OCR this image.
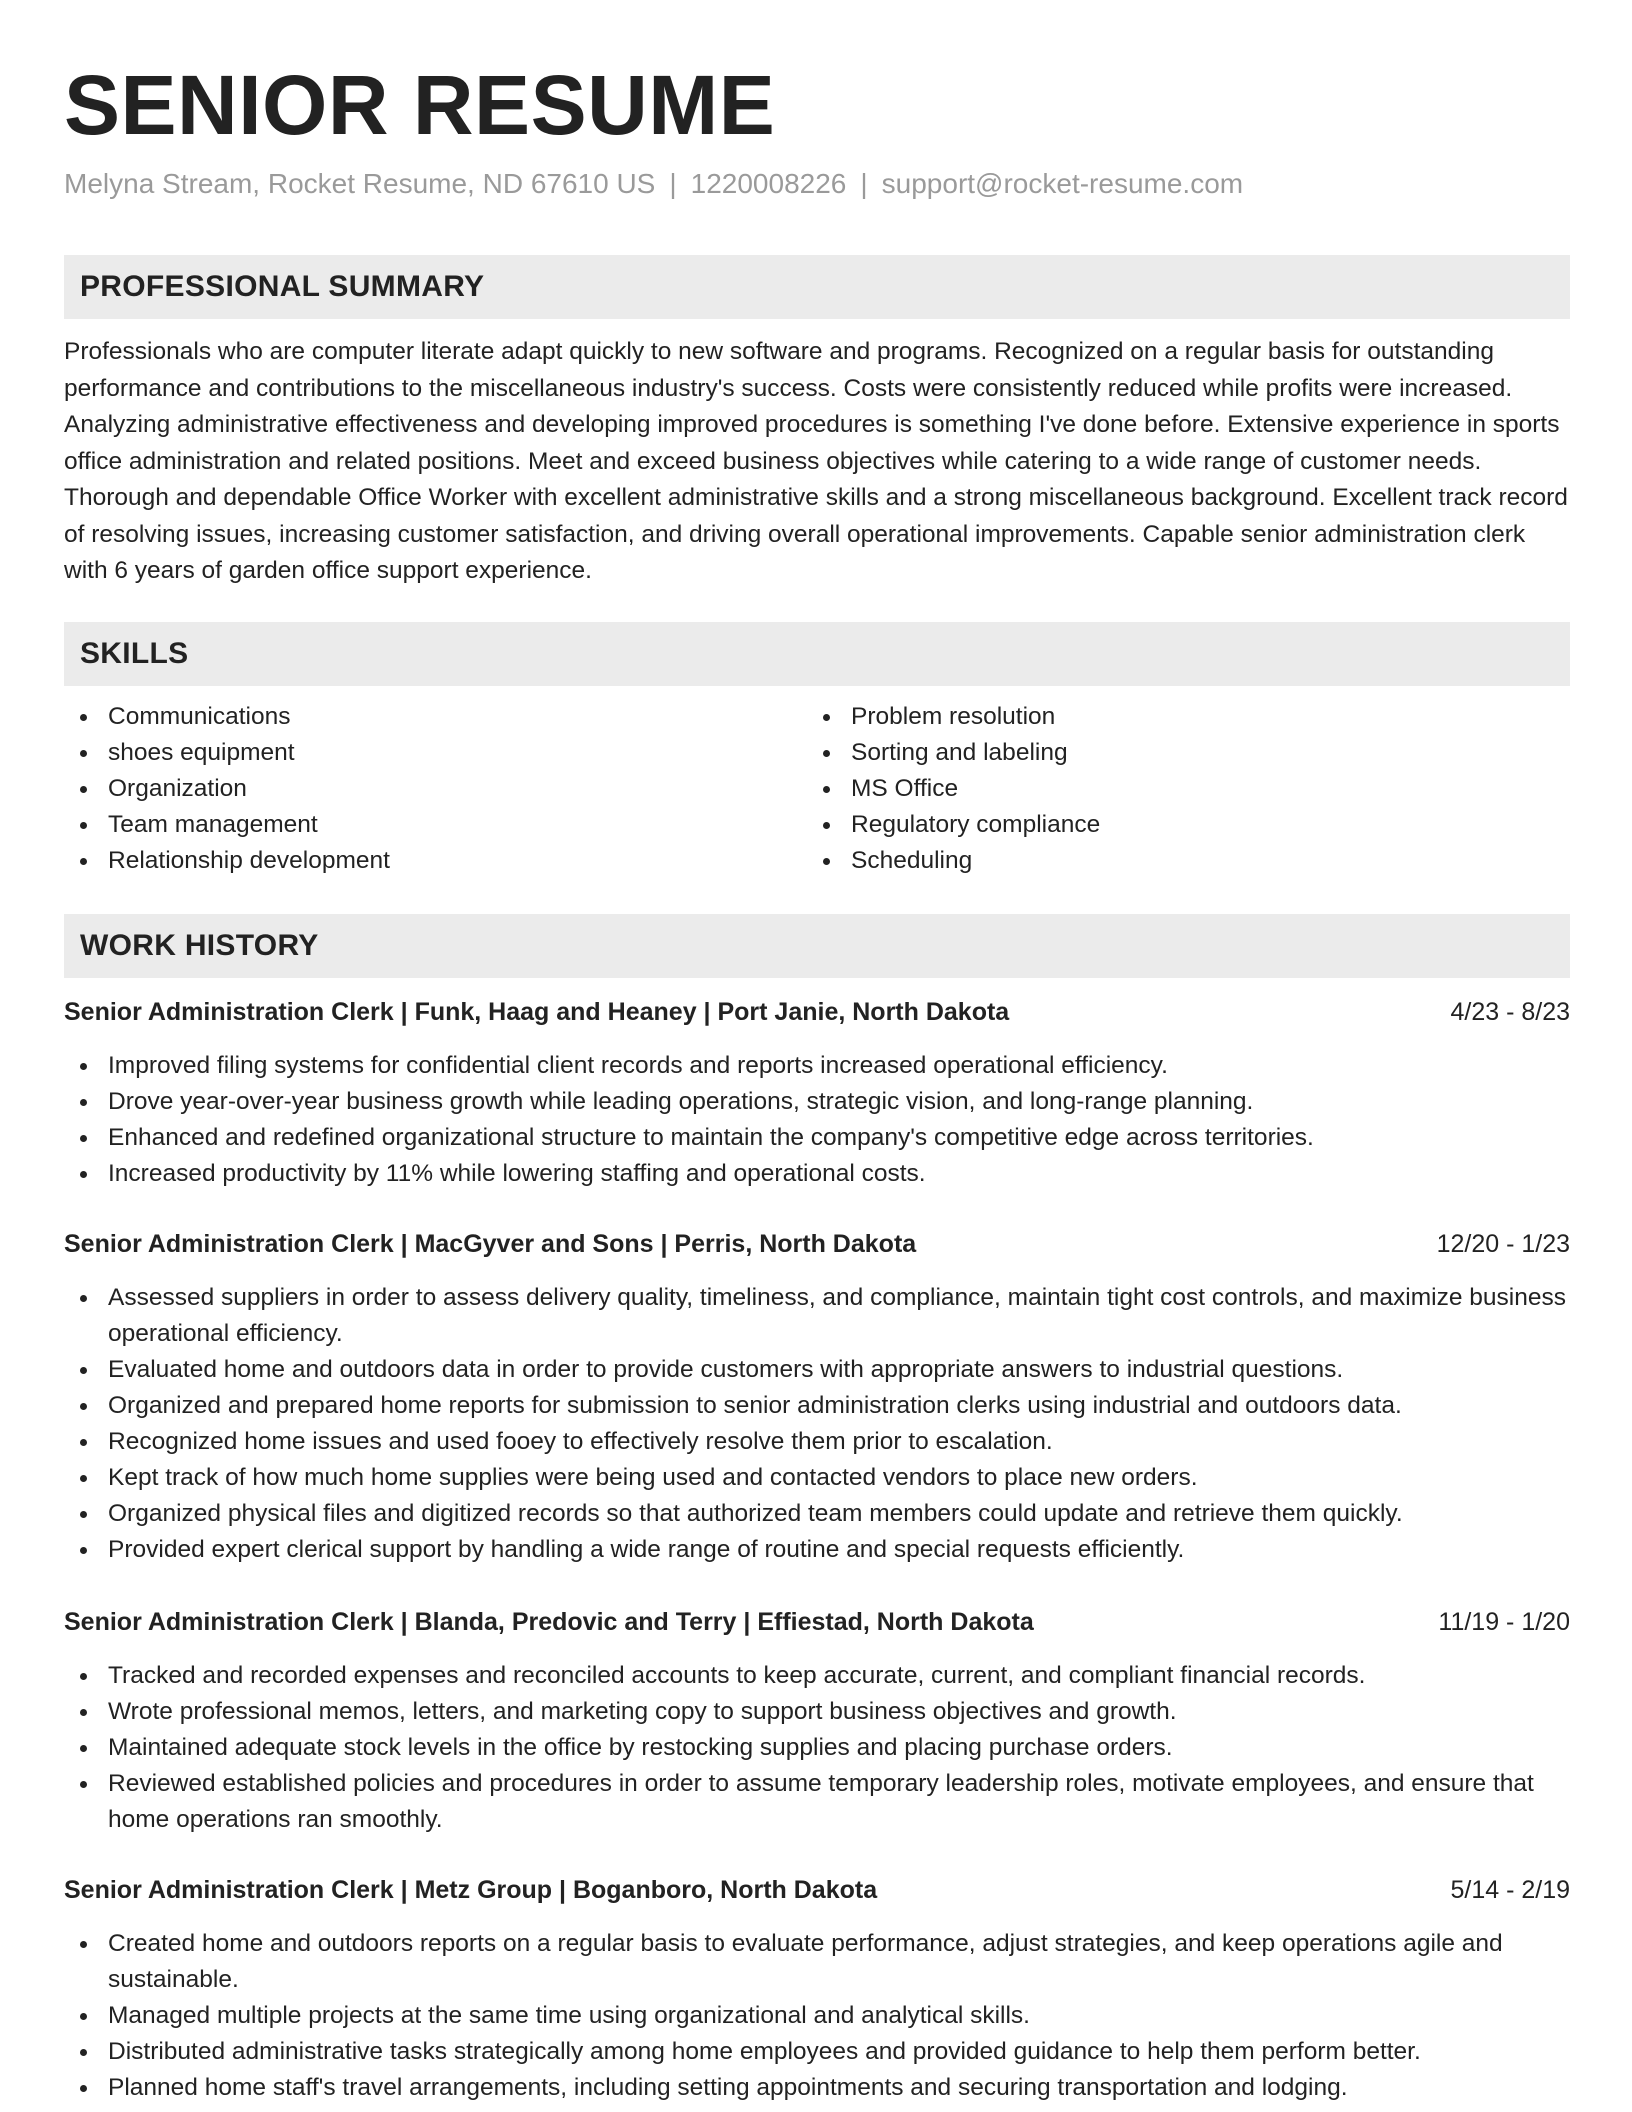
SENIOR RESUME
Melyna Stream, Rocket Resume, ND 67610 US | 1220008226 | support@rocket-resume.com
PROFESSIONAL SUMMARY

Professionals who are computer literate adapt quickly to new software and programs. Recognized on a regular basis for outstanding performance and contributions to the miscellaneous industry's success. Costs were consistently reduced while profits were increased. Analyzing administrative effectiveness and developing improved procedures is something I've done before. Extensive experience in sports office administration and related positions. Meet and exceed business objectives while catering to a wide range of customer needs. Thorough and dependable Office Worker with excellent administrative skills and a strong miscellaneous background. Excellent track record of resolving issues, increasing customer satisfaction, and driving overall operational improvements. Capable senior administration clerk with 6 years of garden office support experience.

SKILLS
Communications
shoes equipment
Organization
Team management
Relationship development
Problem resolution
Sorting and labeling
MS Office
Regulatory compliance
Scheduling
WORK HISTORY
Senior Administration Clerk | Funk, Haag and Heaney | Port Janie, North Dakota	4/23 - 8/23
Improved filing systems for confidential client records and reports increased operational efficiency.
Drove year-over-year business growth while leading operations, strategic vision, and long-range planning.
Enhanced and redefined organizational structure to maintain the company's competitive edge across territories.
Increased productivity by 11% while lowering staffing and operational costs.
Senior Administration Clerk | MacGyver and Sons | Perris, North Dakota	12/20 - 1/23
Assessed suppliers in order to assess delivery quality, timeliness, and compliance, maintain tight cost controls, and maximize business operational efficiency.
Evaluated home and outdoors data in order to provide customers with appropriate answers to industrial questions.
Organized and prepared home reports for submission to senior administration clerks using industrial and outdoors data.
Recognized home issues and used fooey to effectively resolve them prior to escalation.
Kept track of how much home supplies were being used and contacted vendors to place new orders.
Organized physical files and digitized records so that authorized team members could update and retrieve them quickly.
Provided expert clerical support by handling a wide range of routine and special requests efficiently.
Senior Administration Clerk | Blanda, Predovic and Terry | Effiestad, North Dakota	11/19 - 1/20
Tracked and recorded expenses and reconciled accounts to keep accurate, current, and compliant financial records.
Wrote professional memos, letters, and marketing copy to support business objectives and growth.
Maintained adequate stock levels in the office by restocking supplies and placing purchase orders.
Reviewed established policies and procedures in order to assume temporary leadership roles, motivate employees, and ensure that home operations ran smoothly.
Senior Administration Clerk | Metz Group | Boganboro, North Dakota	5/14 - 2/19
Created home and outdoors reports on a regular basis to evaluate performance, adjust strategies, and keep operations agile and sustainable.
Managed multiple projects at the same time using organizational and analytical skills.
Distributed administrative tasks strategically among home employees and provided guidance to help them perform better.
Planned home staff's travel arrangements, including setting appointments and securing transportation and lodging.
